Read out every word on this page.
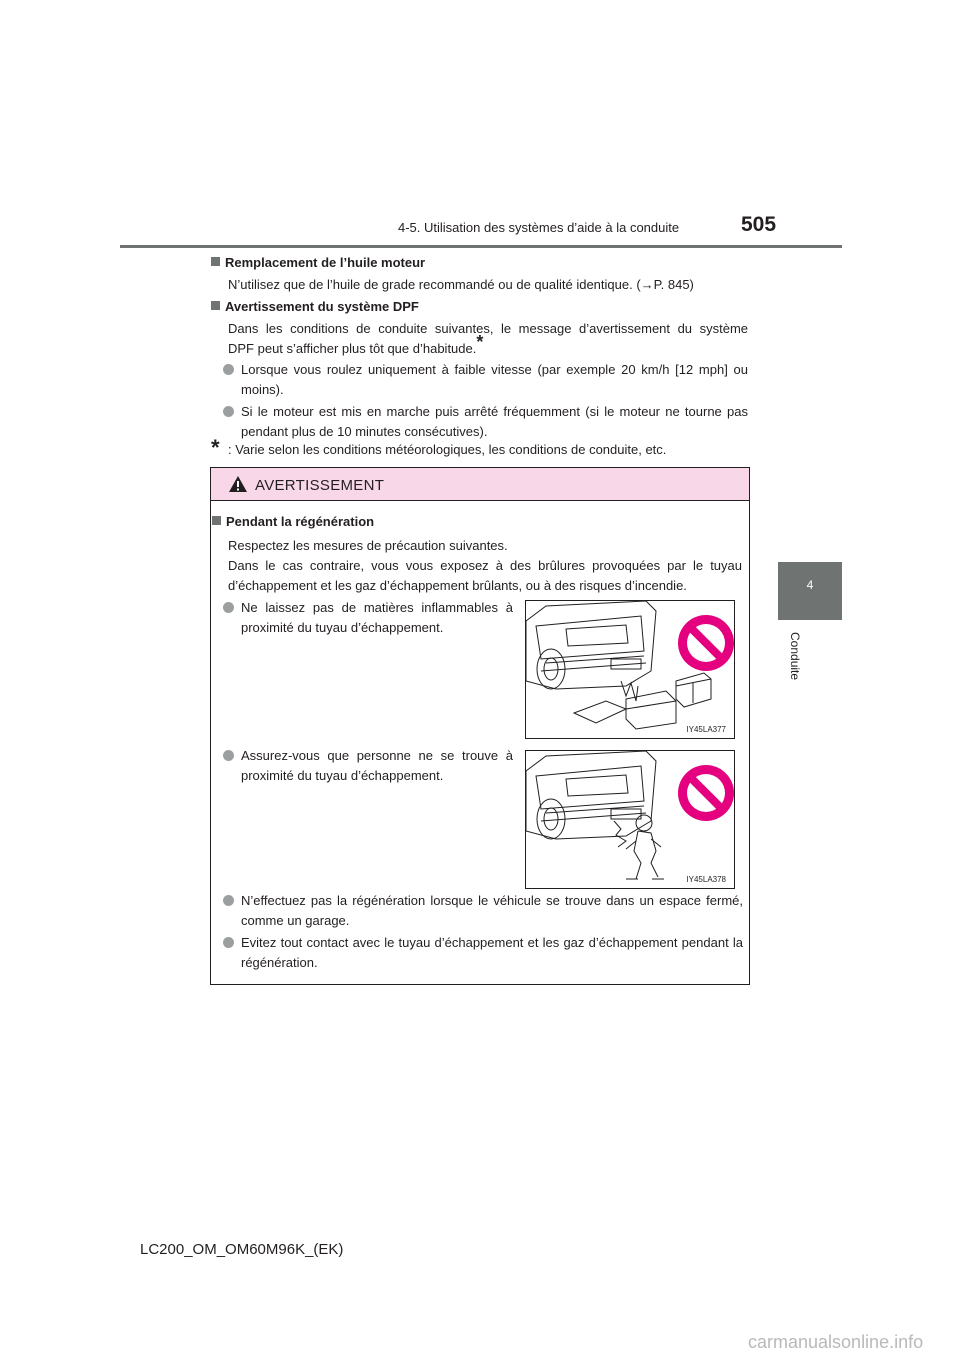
4-5. Utilisation des systèmes d’aide à la conduite	505
4
Conduite
Remplacement de l’huile moteur
N’utilisez que de l’huile de grade recommandé ou de qualité identique. (→P. 845)
Avertissement du système DPF
Dans les conditions de conduite suivantes, le message d’avertissement du système
DPF peut s’afficher plus tôt que d’habitude.*
Lorsque vous roulez uniquement à faible vitesse (par exemple 20 km/h [12 mph] ou moins).
Si le moteur est mis en marche puis arrêté fréquemment (si le moteur ne tourne pas pendant plus de 10 minutes consécutives).
* : Varie selon les conditions météorologiques, les conditions de conduite, etc.
AVERTISSEMENT
Pendant la régénération
Respectez les mesures de précaution suivantes.
Dans le cas contraire, vous vous exposez à des brûlures provoquées par le tuyau d’échappement et les gaz d’échappement brûlants, ou à des risques d’incendie.
Ne laissez pas de matières inflammables à proximité du tuyau d’échappement.
Assurez-vous que personne ne se trouve à proximité du tuyau d’échappement.
IY45LA377
IY45LA378
N’effectuez pas la régénération lorsque le véhicule se trouve dans un espace fermé, comme un garage.
Evitez tout contact avec le tuyau d’échappement et les gaz d’échappement pendant la régénération.
LC200_OM_OM60M96K_(EK)
carmanualsonline.info
